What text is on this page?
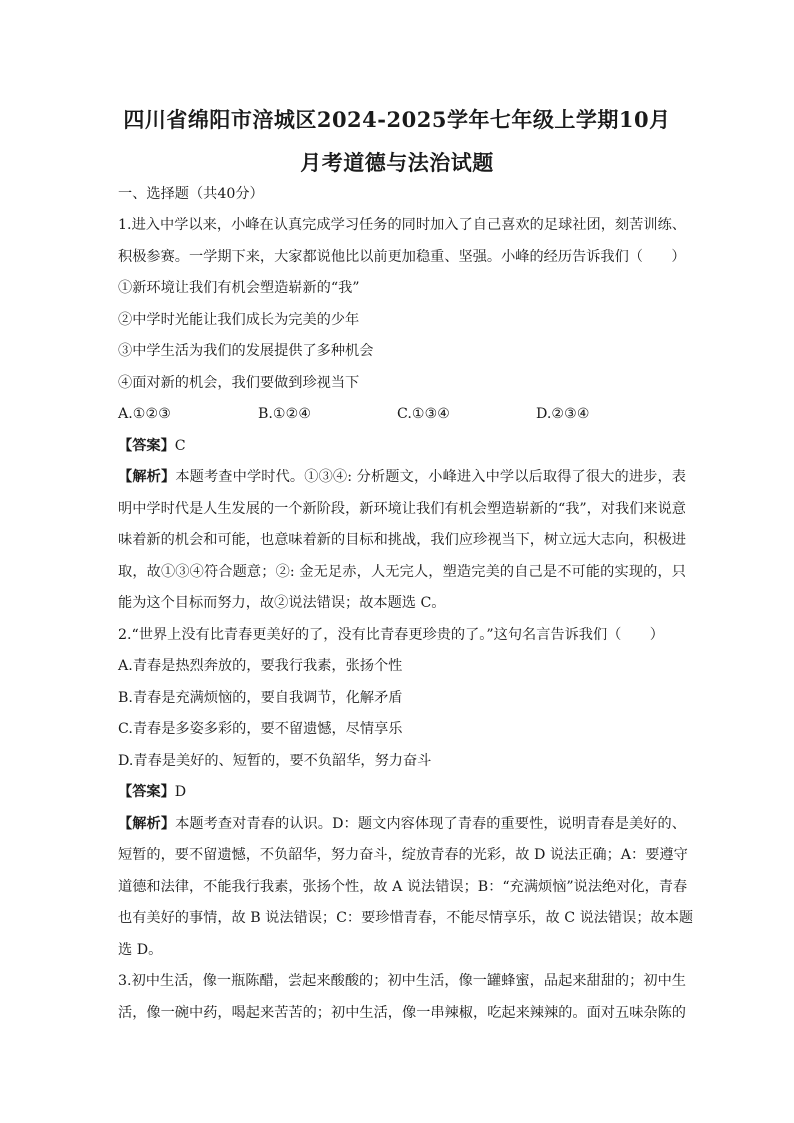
四川省绵阳市涪城区2024-2025学年七年级上学期10月
月考道德与法治试题
一、选择题（共40分）
1.进入中学以来，小峰在认真完成学习任务的同时加入了自己喜欢的足球社团，刻苦训练、
积极参赛。一学期下来，大家都说他比以前更加稳重、坚强。小峰的经历告诉我们（　　）
①新环境让我们有机会塑造崭新的“我”
②中学时光能让我们成长为完美的少年
③中学生活为我们的发展提供了多种机会
④面对新的机会，我们要做到珍视当下
A.①②③	B.①②④	C.①③④	D.②③④
【答案】C
【解析】本题考查中学时代。①③④: 分析题文，小峰进入中学以后取得了很大的进步，表
明中学时代是人生发展的一个新阶段，新环境让我们有机会塑造崭新的“我”，对我们来说意
味着新的机会和可能，也意味着新的目标和挑战，我们应珍视当下，树立远大志向，积极进
取，故①③④符合题意；②: 金无足赤，人无完人，塑造完美的自己是不可能的实现的，只
能为这个目标而努力，故②说法错误；故本题选 C。
2.“世界上没有比青春更美好的了，没有比青春更珍贵的了。”这句名言告诉我们（　　）
A.青春是热烈奔放的，要我行我素，张扬个性
B.青春是充满烦恼的，要自我调节，化解矛盾
C.青春是多姿多彩的，要不留遗憾，尽情享乐
D.青春是美好的、短暂的，要不负韶华，努力奋斗
【答案】D
【解析】本题考查对青春的认识。D：题文内容体现了青春的重要性，说明青春是美好的、
短暂的，要不留遗憾，不负韶华，努力奋斗，绽放青春的光彩，故 D 说法正确；A：要遵守
道德和法律，不能我行我素，张扬个性，故 A 说法错误；B：“充满烦恼”说法绝对化，青春
也有美好的事情，故 B 说法错误；C：要珍惜青春，不能尽情享乐，故 C 说法错误；故本题
选 D。
3.初中生活，像一瓶陈醋，尝起来酸酸的；初中生活，像一罐蜂蜜，品起来甜甜的；初中生
活，像一碗中药，喝起来苦苦的；初中生活，像一串辣椒，吃起来辣辣的。面对五味杂陈的
